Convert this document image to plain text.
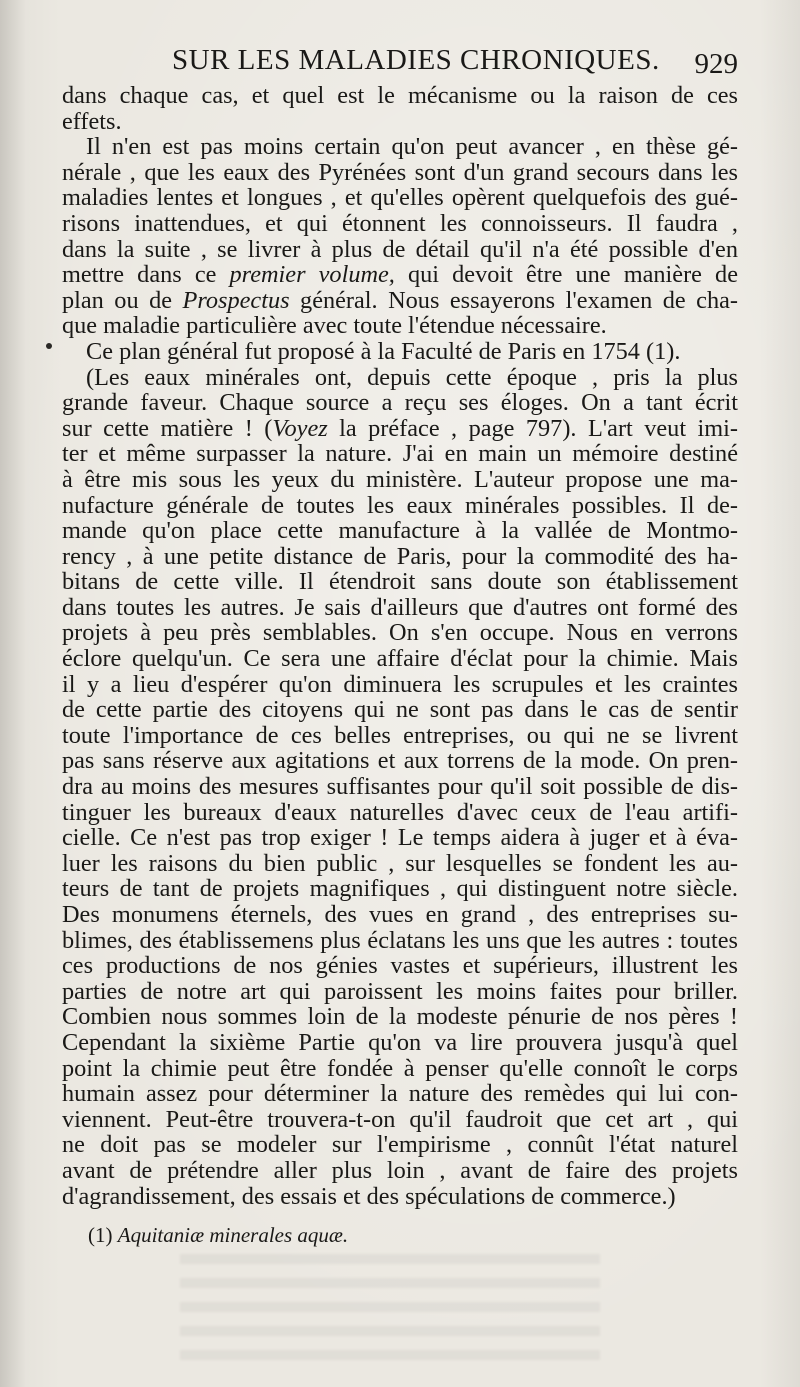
SUR LES MALADIES CHRONIQUES. 929
dans chaque cas, et quel est le mécanisme ou la raison de ces
effets.
Il n'en est pas moins certain qu'on peut avancer , en thèse gé-
nérale , que les eaux des Pyrénées sont d'un grand secours dans les
maladies lentes et longues , et qu'elles opèrent quelquefois des gué-
risons inattendues, et qui étonnent les connoisseurs. Il faudra ,
dans la suite , se livrer à plus de détail qu'il n'a été possible d'en
mettre dans ce premier volume, qui devoit être une manière de
plan ou de Prospectus général. Nous essayerons l'examen de cha-
que maladie particulière avec toute l'étendue nécessaire.
Ce plan général fut proposé à la Faculté de Paris en 1754 (1).
(Les eaux minérales ont, depuis cette époque , pris la plus
grande faveur. Chaque source a reçu ses éloges. On a tant écrit
sur cette matière ! (Voyez la préface , page 797). L'art veut imi-
ter et même surpasser la nature. J'ai en main un mémoire destiné
à être mis sous les yeux du ministère. L'auteur propose une ma-
nufacture générale de toutes les eaux minérales possibles. Il de-
mande qu'on place cette manufacture à la vallée de Montmo-
rency , à une petite distance de Paris, pour la commodité des ha-
bitans de cette ville. Il étendroit sans doute son établissement
dans toutes les autres. Je sais d'ailleurs que d'autres ont formé des
projets à peu près semblables. On s'en occupe. Nous en verrons
éclore quelqu'un. Ce sera une affaire d'éclat pour la chimie. Mais
il y a lieu d'espérer qu'on diminuera les scrupules et les craintes
de cette partie des citoyens qui ne sont pas dans le cas de sentir
toute l'importance de ces belles entreprises, ou qui ne se livrent
pas sans réserve aux agitations et aux torrens de la mode. On pren-
dra au moins des mesures suffisantes pour qu'il soit possible de dis-
tinguer les bureaux d'eaux naturelles d'avec ceux de l'eau artifi-
cielle. Ce n'est pas trop exiger ! Le temps aidera à juger et à éva-
luer les raisons du bien public , sur lesquelles se fondent les au-
teurs de tant de projets magnifiques , qui distinguent notre siècle.
Des monumens éternels, des vues en grand , des entreprises su-
blimes, des établissemens plus éclatans les uns que les autres : toutes
ces productions de nos génies vastes et supérieurs, illustrent les
parties de notre art qui paroissent les moins faites pour briller.
Combien nous sommes loin de la modeste pénurie de nos pères !
Cependant la sixième Partie qu'on va lire prouvera jusqu'à quel
point la chimie peut être fondée à penser qu'elle connoît le corps
humain assez pour déterminer la nature des remèdes qui lui con-
viennent. Peut-être trouvera-t-on qu'il faudroit que cet art , qui
ne doit pas se modeler sur l'empirisme , connût l'état naturel
avant de prétendre aller plus loin , avant de faire des projets
d'agrandissement, des essais et des spéculations de commerce.)
(1) Aquitaniæ minerales aquæ.
